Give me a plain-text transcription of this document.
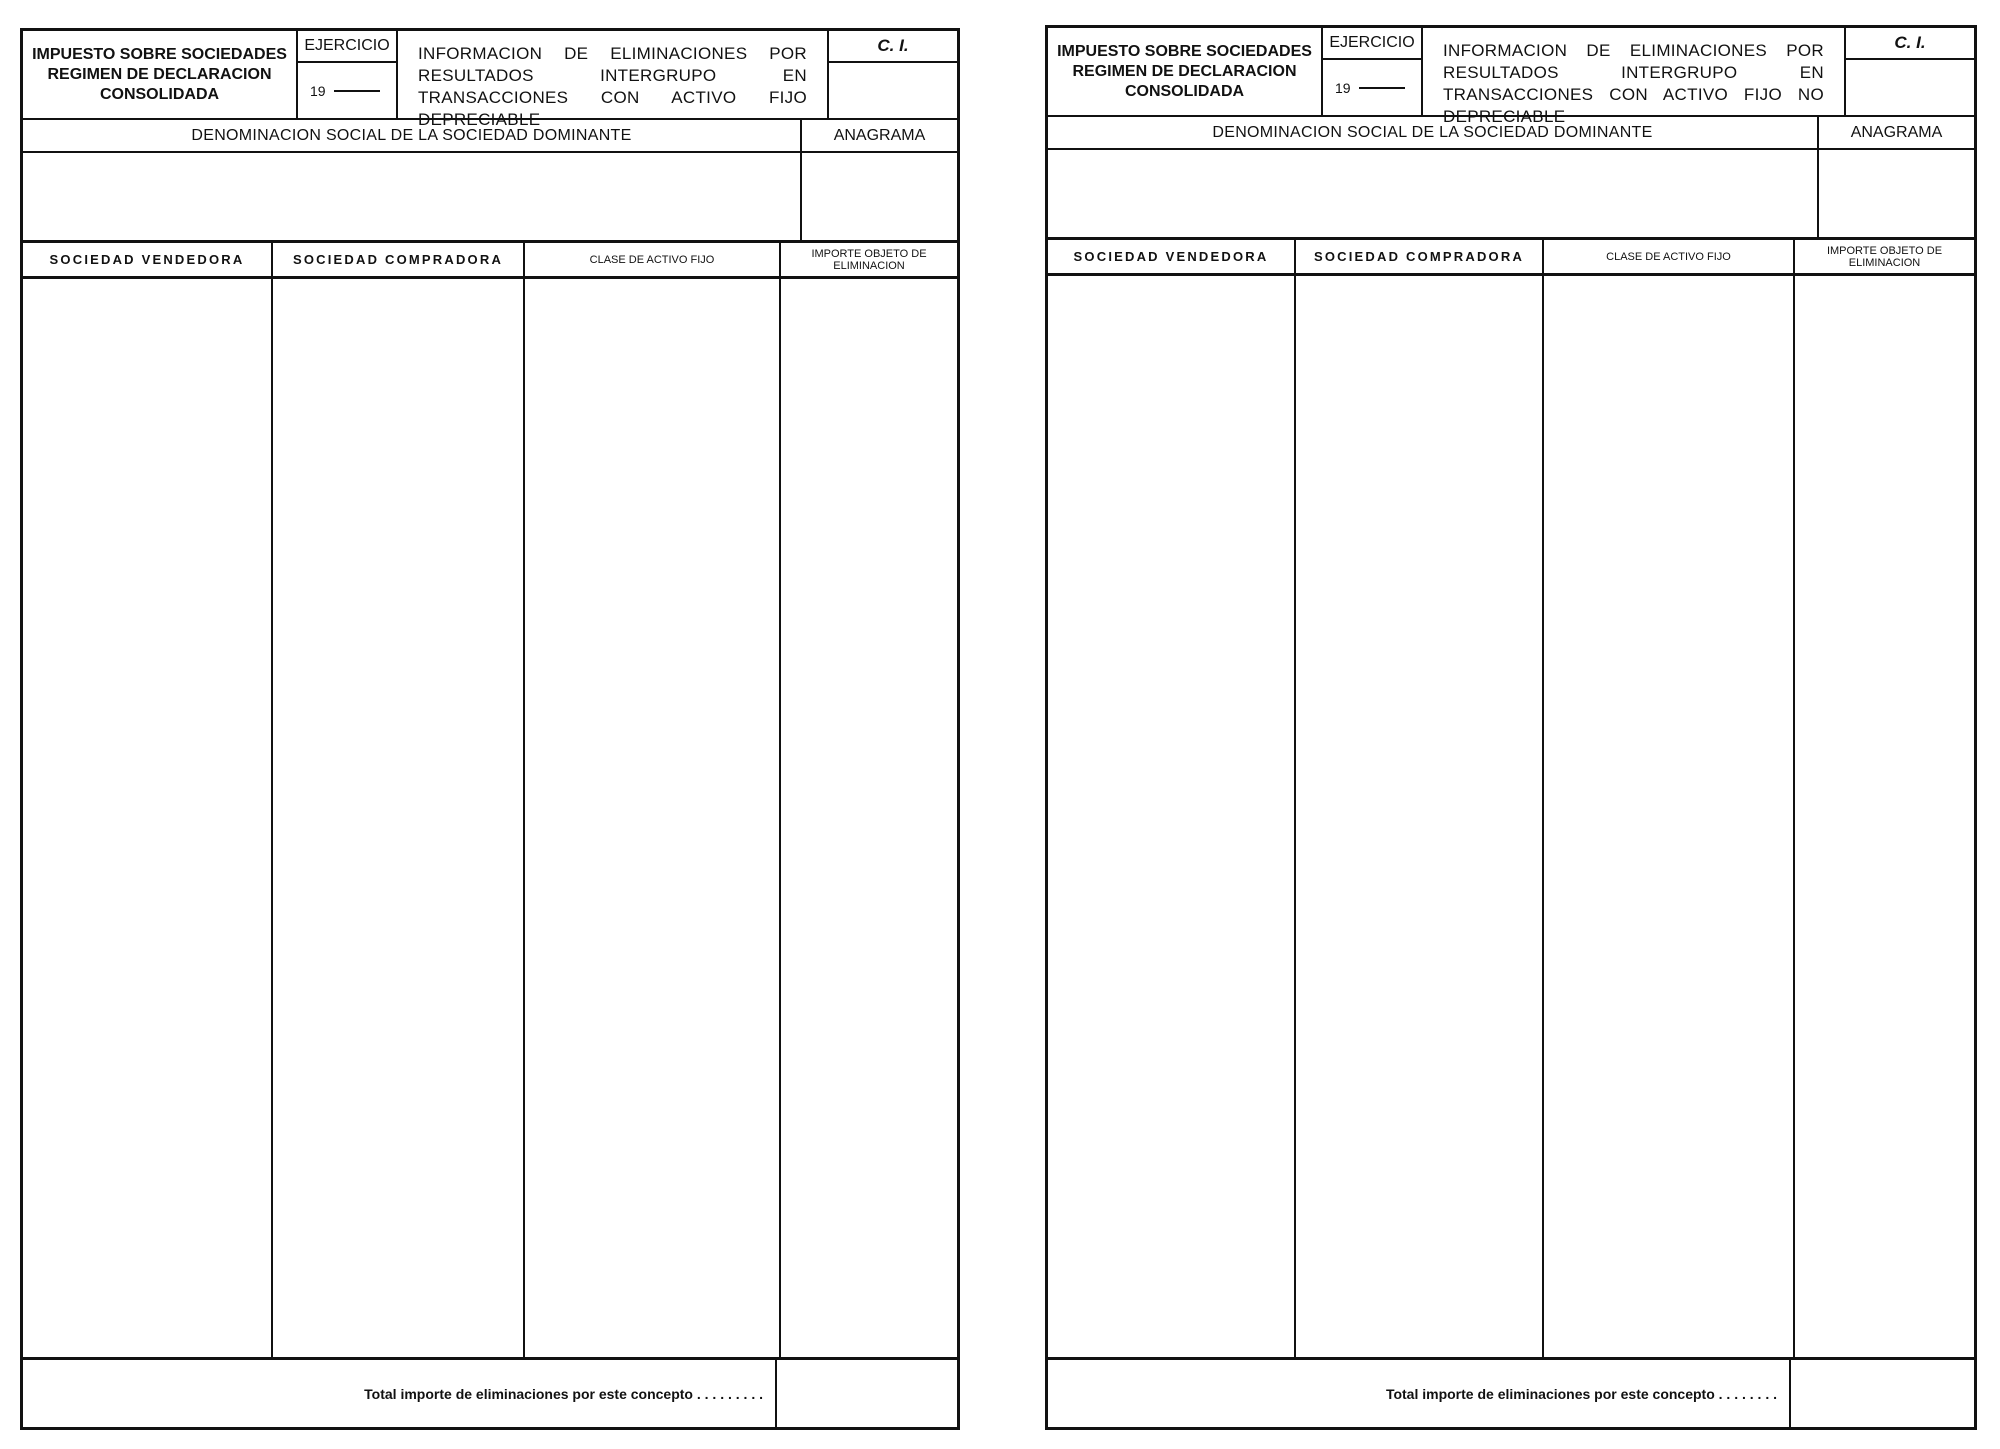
IMPUESTO SOBRE SOCIEDADES
REGIMEN DE DECLARACION
CONSOLIDADA
EJERCICIO
19
INFORMACION DE ELIMINACIONES POR RESULTADOS INTERGRUPO EN TRANSACCIONES CON ACTIVO FIJO DEPRECIABLE
C. I.
DENOMINACION SOCIAL DE LA SOCIEDAD DOMINANTE	ANAGRAMA
SOCIEDAD VENDEDORA	SOCIEDAD COMPRADORA	CLASE DE ACTIVO FIJO	IMPORTE OBJETO DE ELIMINACION
Total importe de eliminaciones por este concepto . . . . . . . . .
IMPUESTO SOBRE SOCIEDADES
REGIMEN DE DECLARACION
CONSOLIDADA
EJERCICIO
19
INFORMACION DE ELIMINACIONES POR RESULTADOS INTERGRUPO EN TRANSACCIONES CON ACTIVO FIJO NO DEPRECIABLE
C. I.
DENOMINACION SOCIAL DE LA SOCIEDAD DOMINANTE	ANAGRAMA
SOCIEDAD VENDEDORA	SOCIEDAD COMPRADORA	CLASE DE ACTIVO FIJO	IMPORTE OBJETO DE ELIMINACION
Total importe de eliminaciones por este concepto . . . . . . . .
